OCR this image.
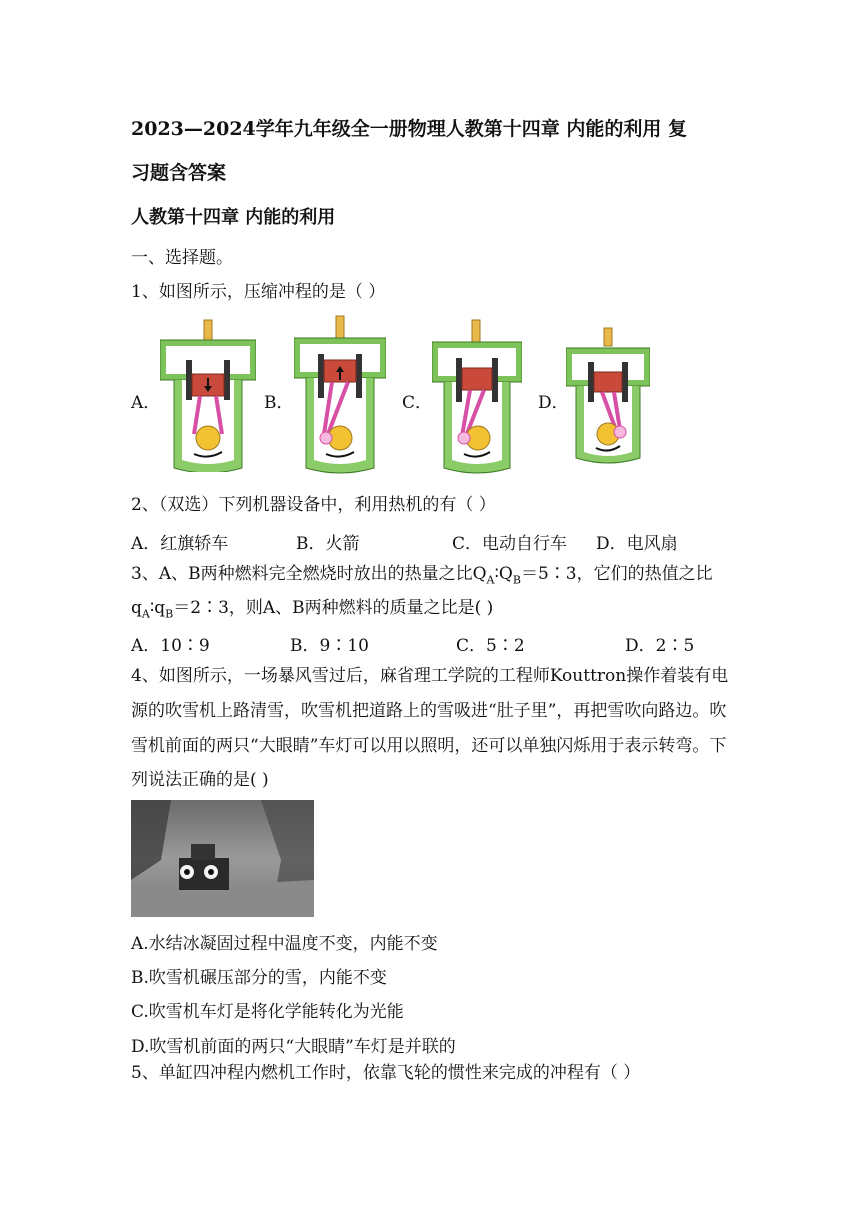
2023—2024学年九年级全一册物理人教第十四章 内能的利用 复
习题含答案
人教第十四章 内能的利用
一、选择题。
1、如图所示，压缩冲程的是（ ）
A．	B．	C．	D．
2、（双选）下列机器设备中，利用热机的有（ ）
A．红旗轿车	B．火箭	C．电动自行车 D．电风扇
3、A、B两种燃料完全燃烧时放出的热量之比$Q_A∶Q_B=5∶3$，它们的热值之比
$q_A∶q_B=2∶3$，则A、B两种燃料的质量之比是( )
A．10∶9	B．9∶10	C．5∶2	D．2∶5
4、如图所示，一场暴风雪过后，麻省理工学院的工程师Kouttron操作着装有电
源的吹雪机上路清雪，吹雪机把道路上的雪吸进“肚子里”，再把雪吹向路边。吹
雪机前面的两只“大眼睛”车灯可以用以照明，还可以单独闪烁用于表示转弯。下
列说法正确的是( )
A.水结冰凝固过程中温度不变，内能不变
B.吹雪机碾压部分的雪，内能不变
C.吹雪机车灯是将化学能转化为光能
D.吹雪机前面的两只“大眼睛”车灯是并联的
5、单缸四冲程内燃机工作时，依靠飞轮的惯性来完成的冲程有（ ）
